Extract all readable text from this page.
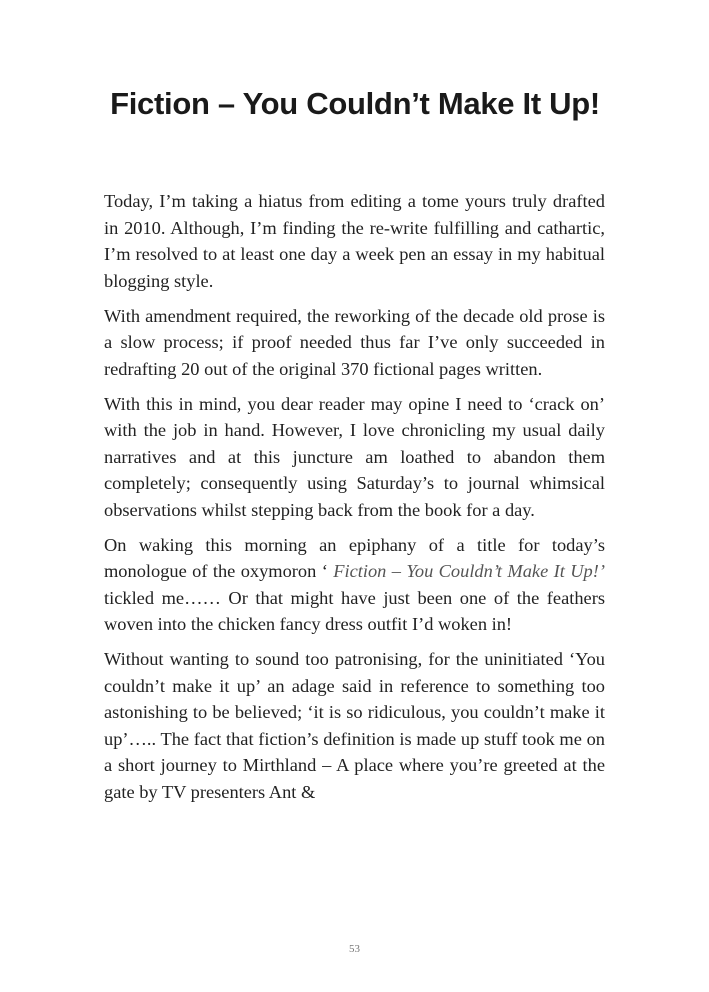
Fiction – You Couldn’t Make It Up!

Today, I’m taking a hiatus from editing a tome yours truly drafted in 2010. Although, I’m finding the re-write fulfilling and cathartic, I’m resolved to at least one day a week pen an essay in my habitual blogging style.

With amendment required, the reworking of the decade old prose is a slow process; if proof needed thus far I’ve only succeeded in redrafting 20 out of the original 370 fictional pages written.

With this in mind, you dear reader may opine I need to ‘crack on’ with the job in hand. However, I love chronicling my usual daily narratives and at this juncture am loathed to abandon them completely; consequently using Saturday’s to journal whimsical observations whilst stepping back from the book for a day.

On waking this morning an epiphany of a title for today’s monologue of the oxymoron ‘ Fiction – You Couldn’t Make It Up!’ tickled me…… Or that might have just been one of the feathers woven into the chicken fancy dress outfit I’d woken in!

Without wanting to sound too patronising, for the uninitiated ‘You couldn’t make it up’ an adage said in reference to something too astonishing to be believed; ‘it is so ridiculous, you couldn’t make it up’….. The fact that fiction’s definition is made up stuff took me on a short journey to Mirthland – A place where you’re greeted at the gate by TV presenters Ant &

53
